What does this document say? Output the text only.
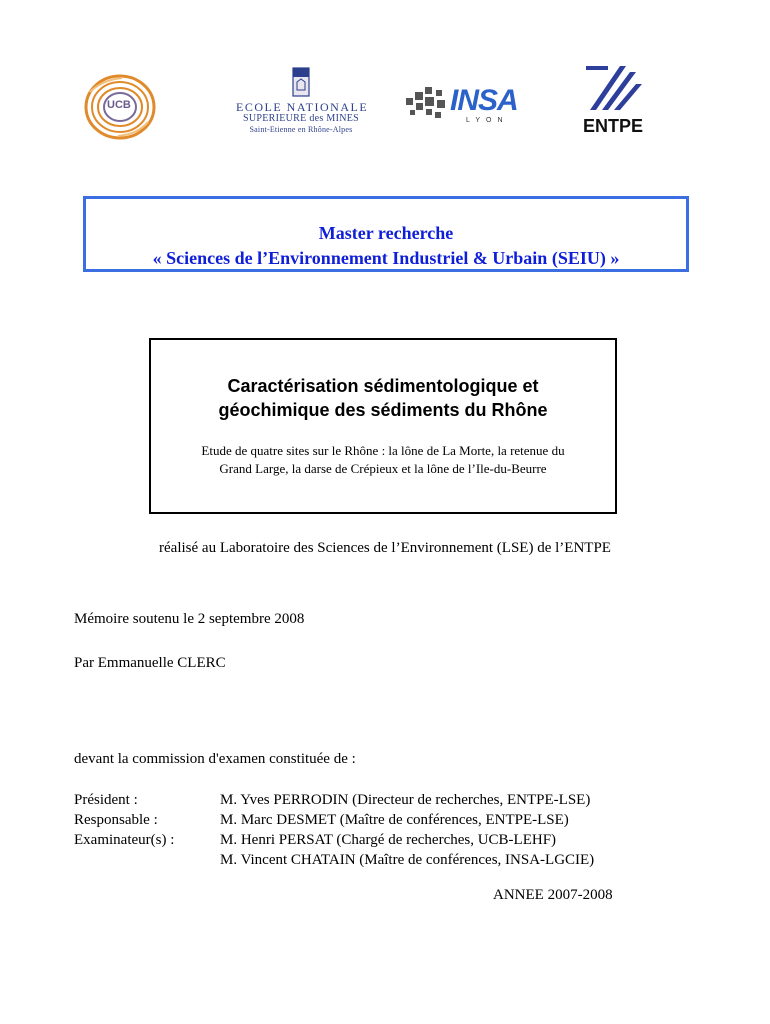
UCB	ECOLE NATIONALE
SUPERIEURE des MINES
Saint-Etienne en Rhône-Alpes
INSA
LYON	ENTPE
Master recherche
« Sciences de l’Environnement Industriel & Urbain (SEIU) »
Caractérisation sédimentologique et
géochimique des sédiments du Rhône
Etude de quatre sites sur le Rhône : la lône de La Morte, la retenue du
Grand Large, la darse de Crépieux et la lône de l’Ile-du-Beurre
réalisé au Laboratoire des Sciences de l’Environnement (LSE) de l’ENTPE
Mémoire soutenu le 2 septembre 2008
Par Emmanuelle CLERC
devant la commission d'examen constituée de :
Président :	M. Yves PERRODIN (Directeur de recherches, ENTPE-LSE)
Responsable :	M. Marc DESMET (Maître de conférences, ENTPE-LSE)
Examinateur(s) :	M. Henri PERSAT (Chargé de recherches, UCB-LEHF)
M. Vincent CHATAIN (Maître de conférences, INSA-LGCIE)
ANNEE 2007-2008
